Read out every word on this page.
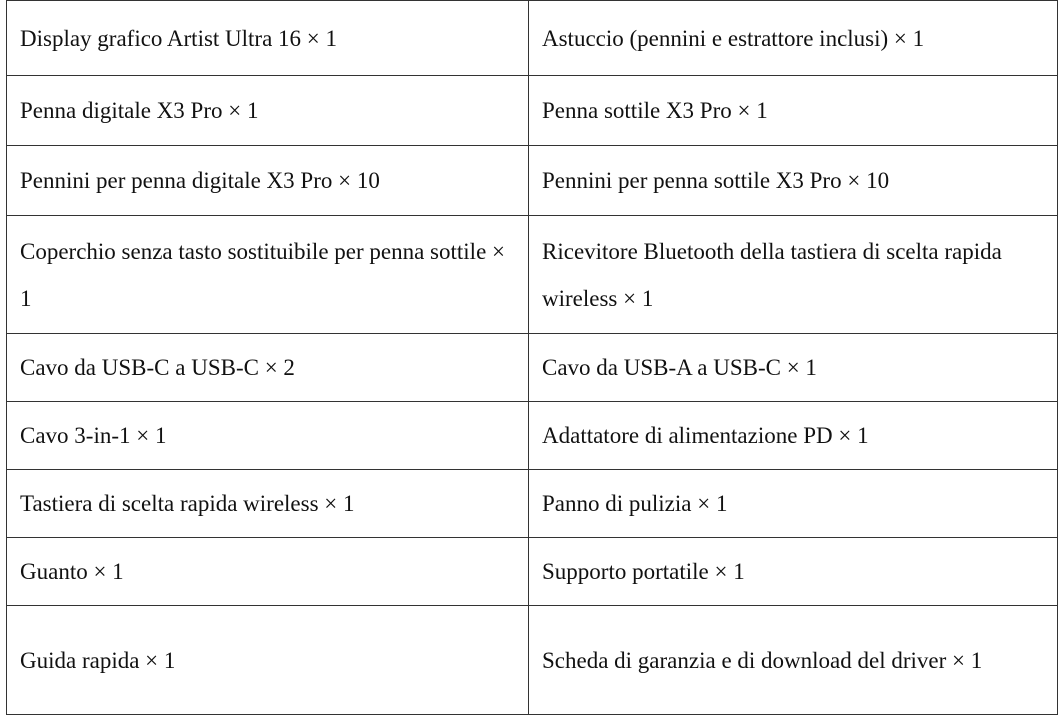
Display grafico Artist Ultra 16 × 1	Astuccio (pennini e estrattore inclusi) × 1
Penna digitale X3 Pro × 1	Penna sottile X3 Pro × 1
Pennini per penna digitale X3 Pro × 10	Pennini per penna sottile X3 Pro × 10
Coperchio senza tasto sostituibile per penna sottile × 1	Ricevitore Bluetooth della tastiera di scelta rapida wireless × 1
Cavo da USB-C a USB-C × 2	Cavo da USB-A a USB-C × 1
Cavo 3-in-1 × 1	Adattatore di alimentazione PD × 1
Tastiera di scelta rapida wireless × 1	Panno di pulizia × 1
Guanto × 1	Supporto portatile × 1
Guida rapida × 1	Scheda di garanzia e di download del driver × 1
